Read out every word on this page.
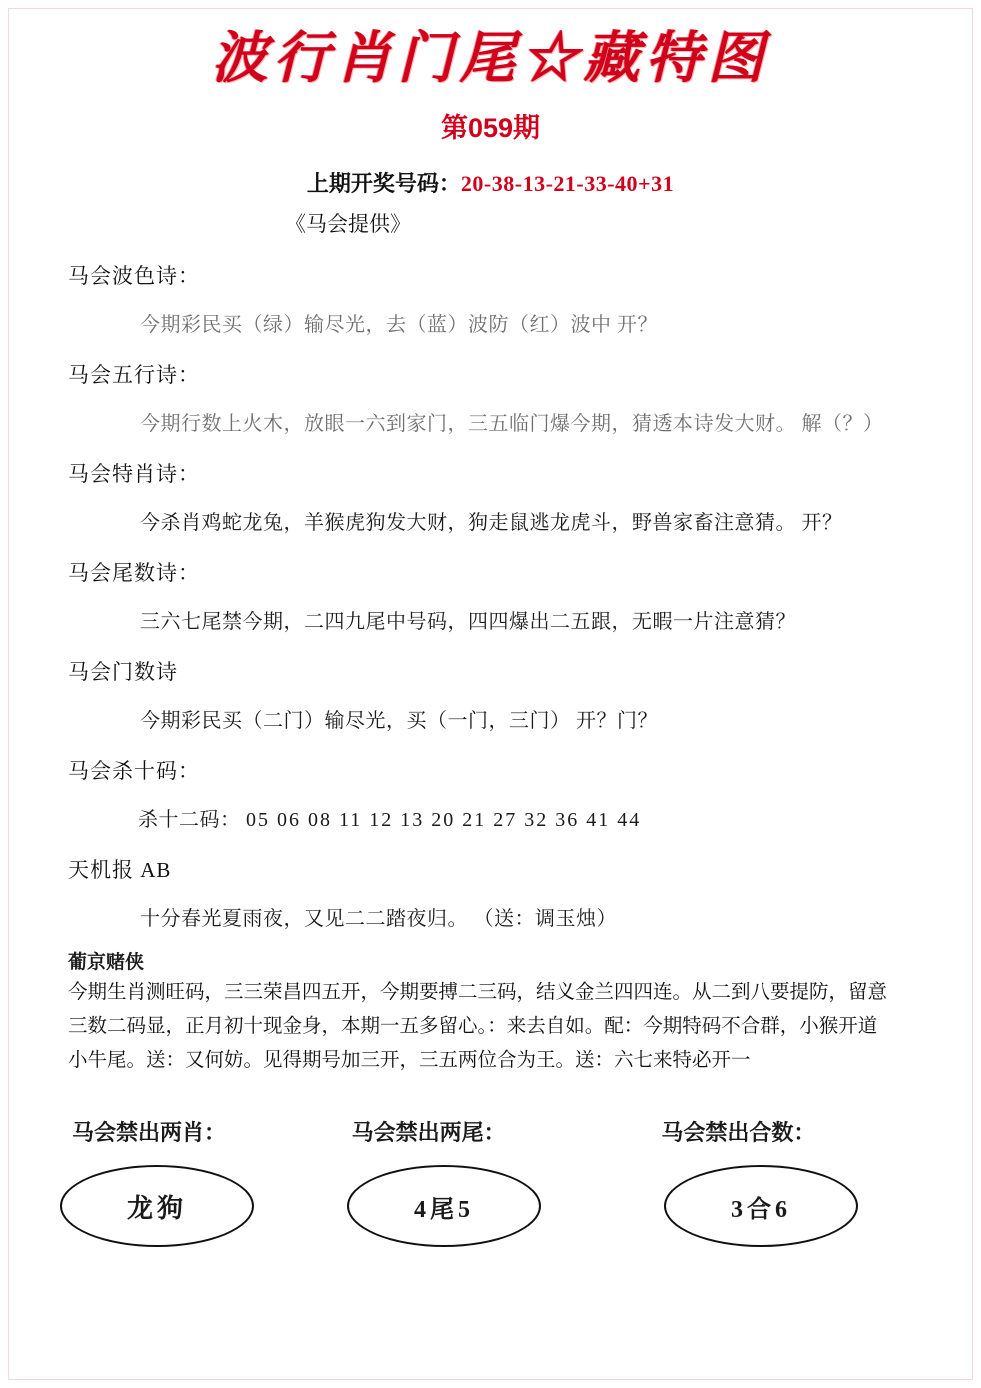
波行肖门尾☆藏特图
第059期
上期开奖号码：20-38-13-21-33-40+31
《马会提供》
马会波色诗：
今期彩民买（绿）输尽光，去（蓝）波防（红）波中 开？
马会五行诗：
今期行数上火木，放眼一六到家门，三五临门爆今期，猜透本诗发大财。 解（？）
马会特肖诗：
今杀肖鸡蛇龙兔，羊猴虎狗发大财，狗走鼠逃龙虎斗，野兽家畜注意猜。 开？
马会尾数诗：
三六七尾禁今期，二四九尾中号码，四四爆出二五跟，无暇一片注意猜？
马会门数诗
今期彩民买（二门）输尽光，买（一门，三门） 开？门？
马会杀十码：
杀十二码： 05 06 08 11 12 13 20 21 27 32 36 41 44
天机报 AB
十分春光夏雨夜，又见二二踏夜归。 （送：调玉烛）
葡京赌侠
今期生肖测旺码，三三荣昌四五开，今期要搏二三码，结义金兰四四连。从二到八要提防，留意
三数二码显，正月初十现金身，本期一五多留心。：来去自如。配：今期特码不合群，小猴开道
小牛尾。送：又何妨。见得期号加三开，三五两位合为王。送：六七来特必开一
马会禁出两肖：	马会禁出两尾：	马会禁出合数：
龙狗	4尾5	3合6
